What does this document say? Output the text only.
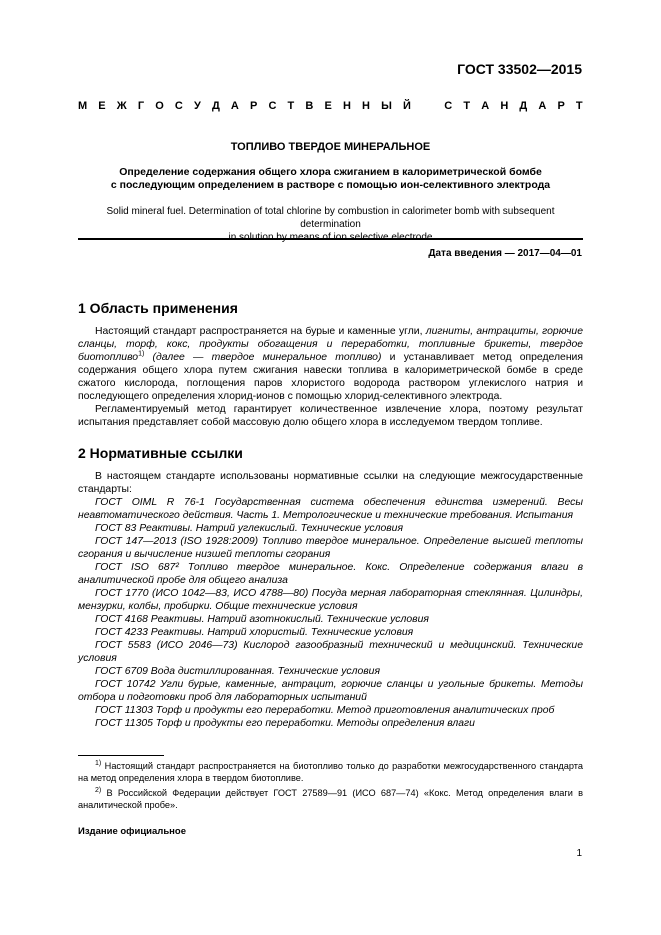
ГОСТ 33502—2015
М Е Ж Г О С У Д А Р С Т В Е Н Н Ы Й	С Т А Н Д А Р Т
ТОПЛИВО ТВЕРДОЕ МИНЕРАЛЬНОЕ
Определение содержания общего хлора сжиганием в калориметрической бомбе
с последующим определением в растворе с помощью ион-селективного электрода
Solid mineral fuel. Determination of total chlorine by combustion in calorimeter bomb with subsequent determination
Дата введения — 2017—04—01
1 Область применения

Настоящий стандарт распространяется на бурые и каменные угли, лигниты, антрациты, горючие сланцы, торф, кокс, продукты обогащения и переработки, топливные брикеты, твердое биотопливо$^{1)}$ (далее — твердое минеральное топливо) и устанавливает метод определения содержания общего хлора путем сжигания навески топлива в калориметрической бомбе в среде сжатого кислорода, поглощения паров хлористого водорода раствором углекислого натрия и последующего определения хлорид-ионов с помощью хлорид-селективного электрода.

Регламентируемый метод гарантирует количественное извлечение хлора, поэтому результат испытания представляет собой массовую долю общего хлора в исследуемом твердом топливе.

2 Нормативные ссылки

В настоящем стандарте использованы нормативные ссылки на следующие межгосударственные стандарты:

ГОСТ OIML R 76-1 Государственная система обеспечения единства измерений. Весы неавтоматического действия. Часть 1. Метрологические и технические требования. Испытания

ГОСТ 83 Реактивы. Натрий углекислый. Технические условия

ГОСТ 147—2013 (ISO 1928:2009) Топливо твердое минеральное. Определение высшей теплоты сгорания и вычисление низшей теплоты сгорания

ГОСТ ISO 687² Топливо твердое минеральное. Кокс. Определение содержания влаги в аналитической пробе для общего анализа

ГОСТ 1770 (ИСО 1042—83, ИСО 4788—80) Посуда мерная лабораторная стеклянная. Цилиндры, мензурки, колбы, пробирки. Общие технические условия

ГОСТ 4168 Реактивы. Натрий азотнокислый. Технические условия

ГОСТ 4233 Реактивы. Натрий хлористый. Технические условия

ГОСТ 5583 (ИСО 2046—73) Кислород газообразный технический и медицинский. Технические условия

ГОСТ 6709 Вода дистиллированная. Технические условия

ГОСТ 10742 Угли бурые, каменные, антрацит, горючие сланцы и угольные брикеты. Методы отбора и подготовки проб для лабораторных испытаний

ГОСТ 11303 Торф и продукты его переработки. Метод приготовления аналитических проб

ГОСТ 11305 Торф и продукты его переработки. Методы определения влаги

$^{1)}$ Настоящий стандарт распространяется на биотопливо только до разработки межгосударственного стандарта на метод определения хлора в твердом биотопливе.

$^{2)}$ В Российской Федерации действует ГОСТ 27589—91 (ИСО 687—74) «Кокс. Метод определения влаги в аналитической пробе».

Издание официальное
1
